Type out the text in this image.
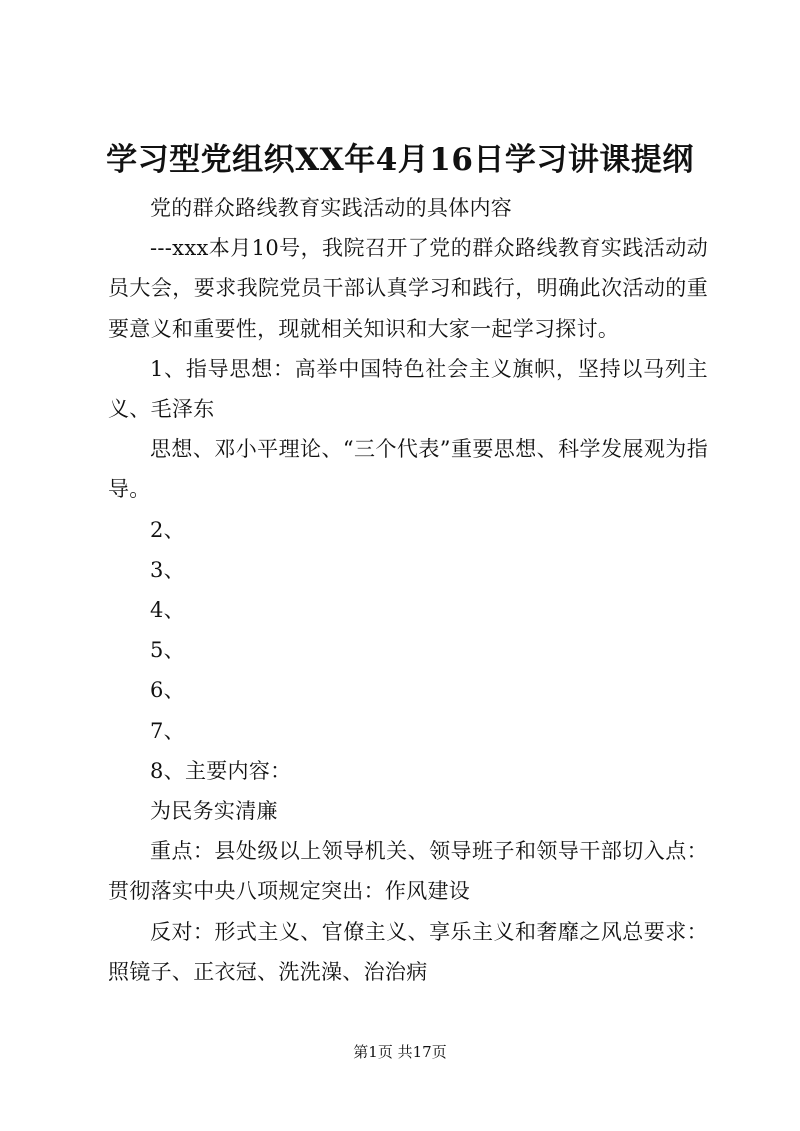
学习型党组织XX年4月16日学习讲课提纲

党的群众路线教育实践活动的具体内容

---xxx本月10号，我院召开了党的群众路线教育实践活动动员大会，要求我院党员干部认真学习和践行，明确此次活动的重要意义和重要性，现就相关知识和大家一起学习探讨。

1、指导思想：高举中国特色社会主义旗帜，坚持以马列主义、毛泽东

思想、邓小平理论、“三个代表”重要思想、科学发展观为指导。

2、

3、

4、

5、

6、

7、

8、主要内容：

为民务实清廉

重点：县处级以上领导机关、领导班子和领导干部切入点：贯彻落实中央八项规定突出：作风建设

反对：形式主义、官僚主义、享乐主义和奢靡之风总要求：照镜子、正衣冠、洗洗澡、治治病

第1页 共17页
